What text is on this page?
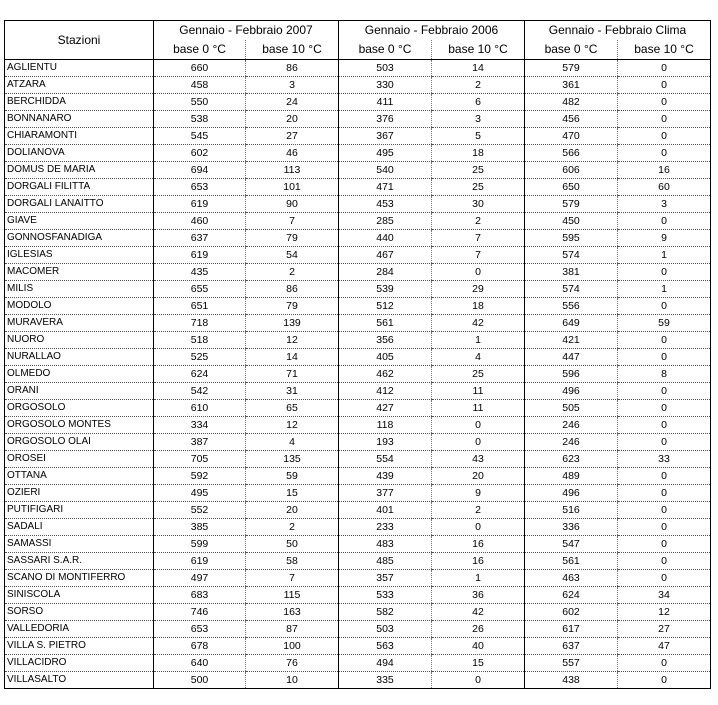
Stazioni	Gennaio - Febbraio 2007		Gennaio - Febbraio 2006		Gennaio - Febbraio Clima	
	base 0 °C	base 10 °C	base 0 °C	base 10 °C	base 0 °C	base 10 °C
AGLIENTU	660	86	503	14	579	0
ATZARA	458	3	330	2	361	0
BERCHIDDA	550	24	411	6	482	0
BONNANARO	538	20	376	3	456	0
CHIARAMONTI	545	27	367	5	470	0
DOLIANOVA	602	46	495	18	566	0
DOMUS DE MARIA	694	113	540	25	606	16
DORGALI FILITTA	653	101	471	25	650	60
DORGALI LANAITTO	619	90	453	30	579	3
GIAVE	460	7	285	2	450	0
GONNOSFANADIGA	637	79	440	7	595	9
IGLESIAS	619	54	467	7	574	1
MACOMER	435	2	284	0	381	0
MILIS	655	86	539	29	574	1
MODOLO	651	79	512	18	556	0
MURAVERA	718	139	561	42	649	59
NUORO	518	12	356	1	421	0
NURALLAO	525	14	405	4	447	0
OLMEDO	624	71	462	25	596	8
ORANI	542	31	412	11	496	0
ORGOSOLO	610	65	427	11	505	0
ORGOSOLO MONTES	334	12	118	0	246	0
ORGOSOLO OLAI	387	4	193	0	246	0
OROSEI	705	135	554	43	623	33
OTTANA	592	59	439	20	489	0
OZIERI	495	15	377	9	496	0
PUTIFIGARI	552	20	401	2	516	0
SADALI	385	2	233	0	336	0
SAMASSI	599	50	483	16	547	0
SASSARI S.A.R.	619	58	485	16	561	0
SCANO DI MONTIFERRO	497	7	357	1	463	0
SINISCOLA	683	115	533	36	624	34
SORSO	746	163	582	42	602	12
VALLEDORIA	653	87	503	26	617	27
VILLA S. PIETRO	678	100	563	40	637	47
VILLACIDRO	640	76	494	15	557	0
VILLASALTO	500	10	335	0	438	0
